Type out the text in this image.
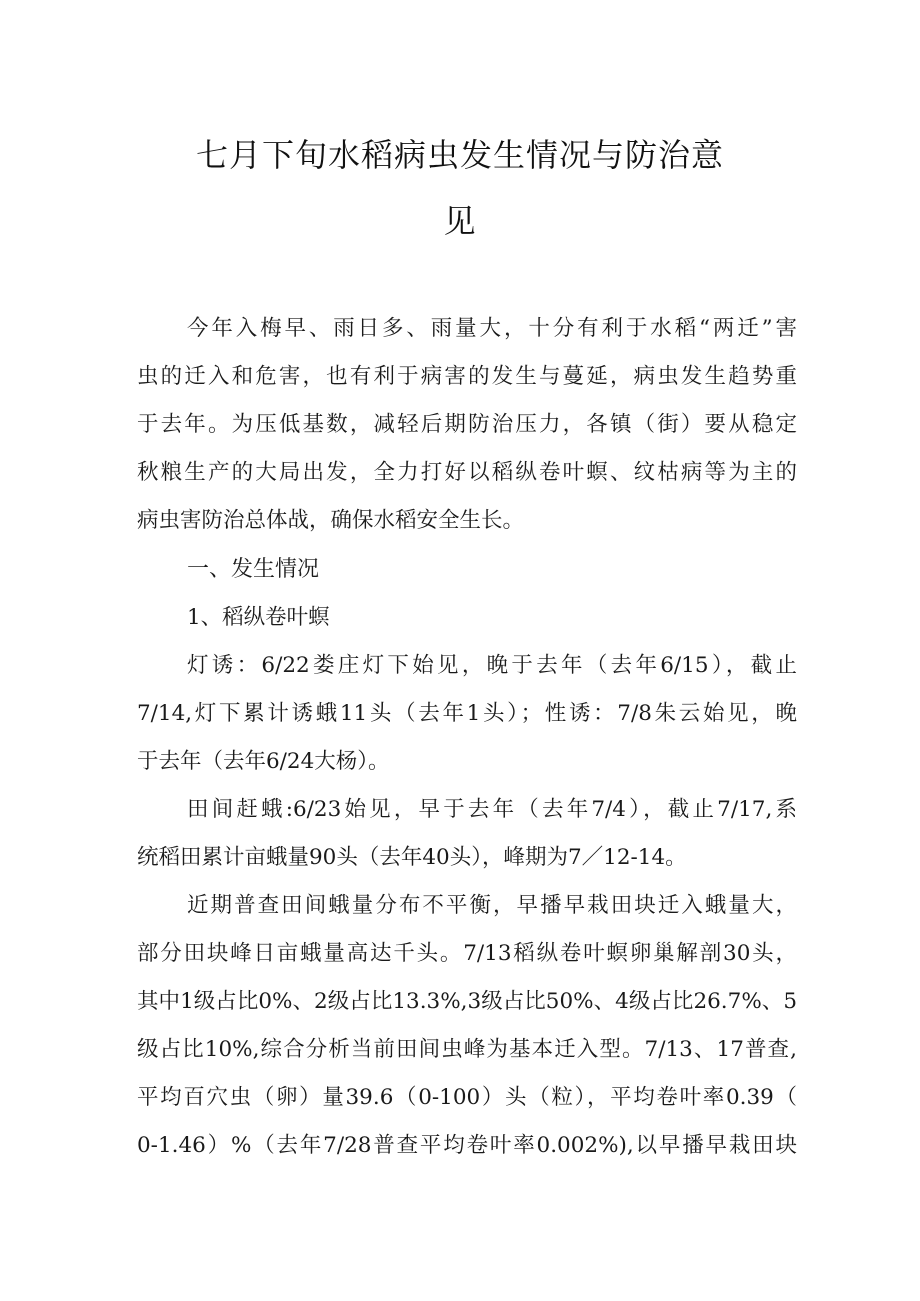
七月下旬水稻病虫发生情况与防治意
见
今年入梅早、雨日多、雨量大，十分有利于水稻“两迁”害
虫的迁入和危害，也有利于病害的发生与蔓延，病虫发生趋势重
于去年。为压低基数，减轻后期防治压力，各镇（街）要从稳定
秋粮生产的大局出发，全力打好以稻纵卷叶螟、纹枯病等为主的
病虫害防治总体战，确保水稻安全生长。
一、发生情况
1、稻纵卷叶螟
灯诱：6/22娄庄灯下始见，晚于去年（去年6/15），截止
7/14,灯下累计诱蛾11头（去年1头）；性诱：7/8朱云始见，晚
于去年（去年6/24大杨）。
田间赶蛾:6/23始见，早于去年（去年7/4），截止7/17,系
统稻田累计亩蛾量90头（去年40头），峰期为7／12-14。
近期普查田间蛾量分布不平衡，早播早栽田块迁入蛾量大，
部分田块峰日亩蛾量高达千头。7/13稻纵卷叶螟卵巢解剖30头，
其中1级占比0%、2级占比13.3%,3级占比50%、4级占比26.7%、5
级占比10%,综合分析当前田间虫峰为基本迁入型。7/13、17普查,
平均百穴虫（卵）量39.6（0-100）头（粒），平均卷叶率0.39（
0-1.46）%（去年7/28普查平均卷叶率0.002%),以早播早栽田块
